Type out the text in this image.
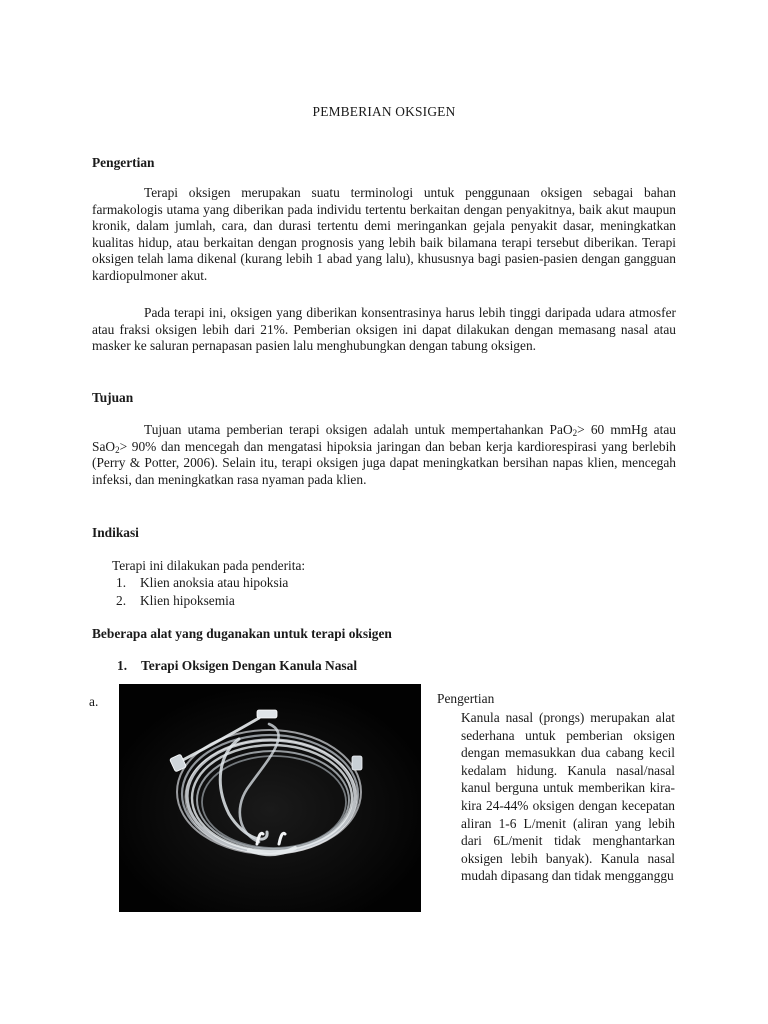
PEMBERIAN OKSIGEN
Pengertian
Terapi oksigen merupakan suatu terminologi untuk penggunaan oksigen sebagai bahan farmakologis utama yang diberikan pada individu tertentu berkaitan dengan penyakitnya, baik akut maupun kronik, dalam jumlah, cara, dan durasi tertentu demi meringankan gejala penyakit dasar, meningkatkan kualitas hidup, atau berkaitan dengan prognosis yang lebih baik bilamana terapi tersebut diberikan. Terapi oksigen telah lama dikenal (kurang lebih 1 abad yang lalu), khususnya bagi pasien-pasien dengan gangguan kardiopulmoner akut.
Pada terapi ini, oksigen yang diberikan konsentrasinya harus lebih tinggi daripada udara atmosfer atau fraksi oksigen lebih dari 21%. Pemberian oksigen ini dapat dilakukan dengan memasang nasal atau masker ke saluran pernapasan pasien lalu menghubungkan dengan tabung oksigen.
Tujuan
Tujuan utama pemberian terapi oksigen adalah untuk mempertahankan PaO$_2$> 60 mmHg atau SaO$_2$> 90% dan mencegah dan mengatasi hipoksia jaringan dan beban kerja kardiorespirasi yang berlebih (Perry & Potter, 2006). Selain itu, terapi oksigen juga dapat meningkatkan bersihan napas klien, mencegah infeksi, dan meningkatkan rasa nyaman pada klien.
Indikasi
Terapi ini dilakukan pada penderita:
1. Klien anoksia atau hipoksia
2. Klien hipoksemia
Beberapa alat yang duganakan untuk terapi oksigen
1. Terapi Oksigen Dengan Kanula Nasal
a.	Pengertian
Kanula nasal (prongs) merupakan alat sederhana untuk pemberian oksigen dengan memasukkan dua cabang kecil kedalam hidung. Kanula nasal/nasal kanul berguna untuk memberikan kira-kira 24-44% oksigen dengan kecepatan aliran 1-6 L/menit (aliran yang lebih dari 6L/menit tidak menghantarkan oksigen lebih banyak). Kanula nasal mudah dipasang dan tidak mengganggu
